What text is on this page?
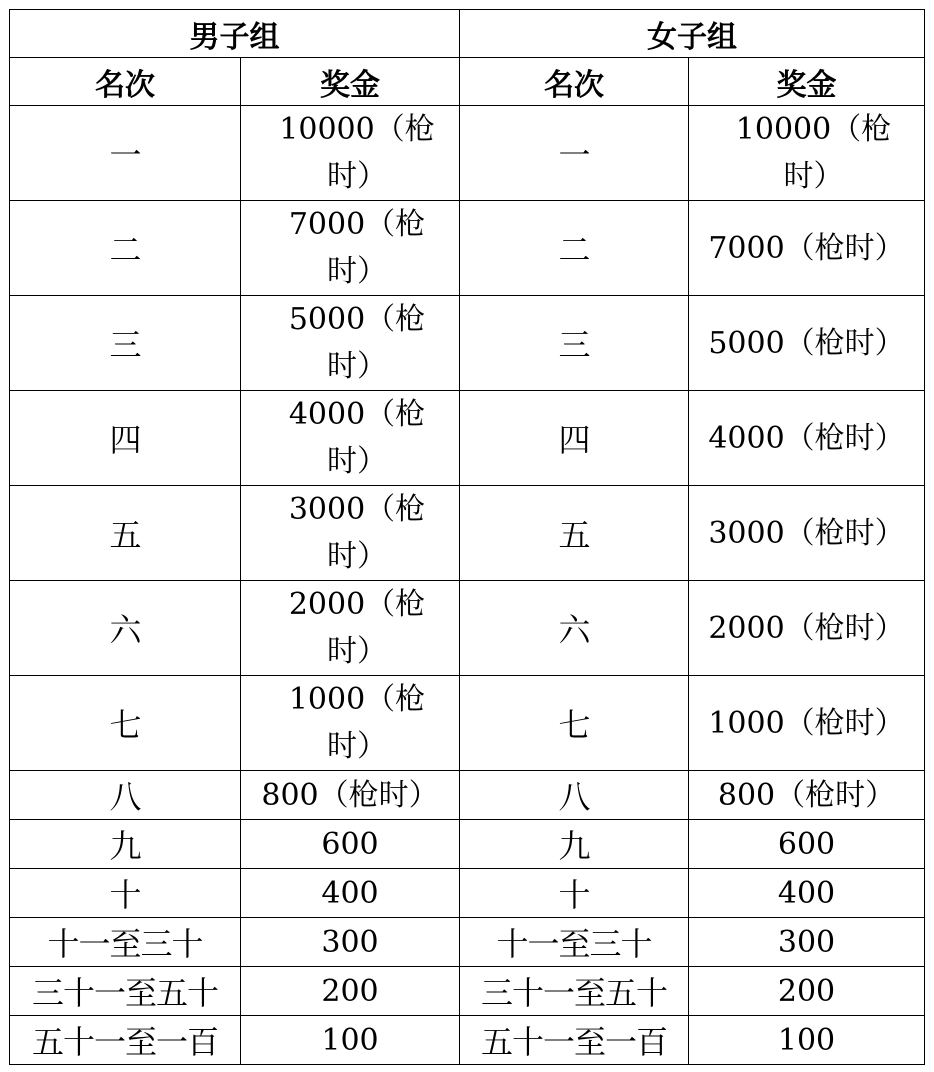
男子组		女子组	
名次	奖金	名次	奖金
一	10000（枪时）	一	10000（枪时）
二	7000（枪时）	二	7000（枪时）
三	5000（枪时）	三	5000（枪时）
四	4000（枪时）	四	4000（枪时）
五	3000（枪时）	五	3000（枪时）
六	2000（枪时）	六	2000（枪时）
七	1000（枪时）	七	1000（枪时）
八	800（枪时）	八	800（枪时）
九	600	九	600
十	400	十	400
十一至三十	300	十一至三十	300
三十一至五十	200	三十一至五十	200
五十一至一百	100	五十一至一百	100
